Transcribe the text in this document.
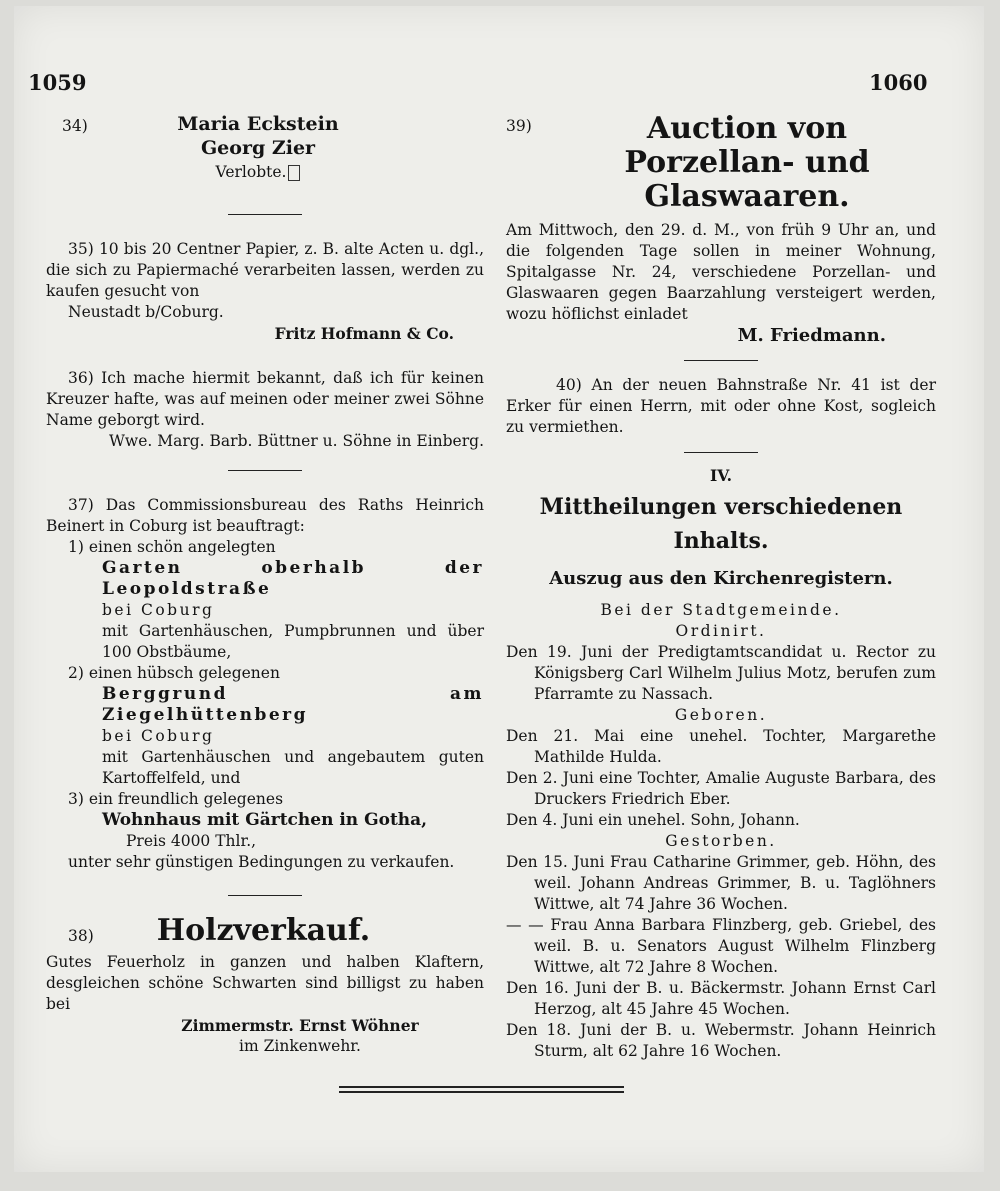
1059	1060
34)	Maria Eckstein
Georg Zier
Verlobte.

35) 10 bis 20 Centner Papier, z. B. alte Acten u. dgl., die sich zu Papiermaché verarbeiten lassen, werden zu kaufen gesucht von

Neustadt b/Coburg.

Fritz Hofmann & Co.

36) Ich mache hiermit bekannt, daß ich für keinen Kreuzer hafte, was auf meinen oder meiner zwei Söhne Name geborgt wird.

Wwe. Marg. Barb. Büttner u. Söhne in Einberg.

37) Das Commissionsbureau des Raths Heinrich Beinert in Coburg ist beauftragt:

1) einen schön angelegten

Garten oberhalb der Leopoldstraße

bei Coburg

mit Gartenhäuschen, Pumpbrunnen und über 100 Obstbäume,

2) einen hübsch gelegenen

Berggrund am Ziegelhüttenberg

bei Coburg

mit Gartenhäuschen und angebautem guten Kartoffelfeld, und

3) ein freundlich gelegenes

Wohnhaus mit Gärtchen in Gotha,

Preis 4000 Thlr.,

unter sehr günstigen Bedingungen zu verkaufen.

38) Holzverkauf.

Gutes Feuerholz in ganzen und halben Klaftern, desgleichen schöne Schwarten sind billigst zu haben bei

Zimmermstr. Ernst Wöhner

im Zinkenwehr.

39)	Auction von Porzellan- und Glaswaaren.

Am Mittwoch, den 29. d. M., von früh 9 Uhr an, und die folgenden Tage sollen in meiner Wohnung, Spitalgasse Nr. 24, verschiedene Porzellan- und Glaswaaren gegen Baarzahlung versteigert werden, wozu höflichst einladet

M. Friedmann.

40) An der neuen Bahnstraße Nr. 41 ist der Erker für einen Herrn, mit oder ohne Kost, sogleich zu vermiethen.

IV.

Mittheilungen verschiedenen Inhalts.

Auszug aus den Kirchenregistern.

Bei der Stadtgemeinde.

Ordinirt.

Den 19. Juni der Predigtamtscandidat u. Rector zu Königsberg Carl Wilhelm Julius Motz, berufen zum Pfarramte zu Nassach.

Geboren.

Den 21. Mai eine unehel. Tochter, Margarethe Mathilde Hulda.

Den 2. Juni eine Tochter, Amalie Auguste Barbara, des Druckers Friedrich Eber.

Den 4. Juni ein unehel. Sohn, Johann.

Gestorben.

Den 15. Juni Frau Catharine Grimmer, geb. Höhn, des weil. Johann Andreas Grimmer, B. u. Taglöhners Wittwe, alt 74 Jahre 36 Wochen.

— — Frau Anna Barbara Flinzberg, geb. Griebel, des weil. B. u. Senators August Wilhelm Flinzberg Wittwe, alt 72 Jahre 8 Wochen.

Den 16. Juni der B. u. Bäckermstr. Johann Ernst Carl Herzog, alt 45 Jahre 45 Wochen.

Den 18. Juni der B. u. Webermstr. Johann Heinrich Sturm, alt 62 Jahre 16 Wochen.
